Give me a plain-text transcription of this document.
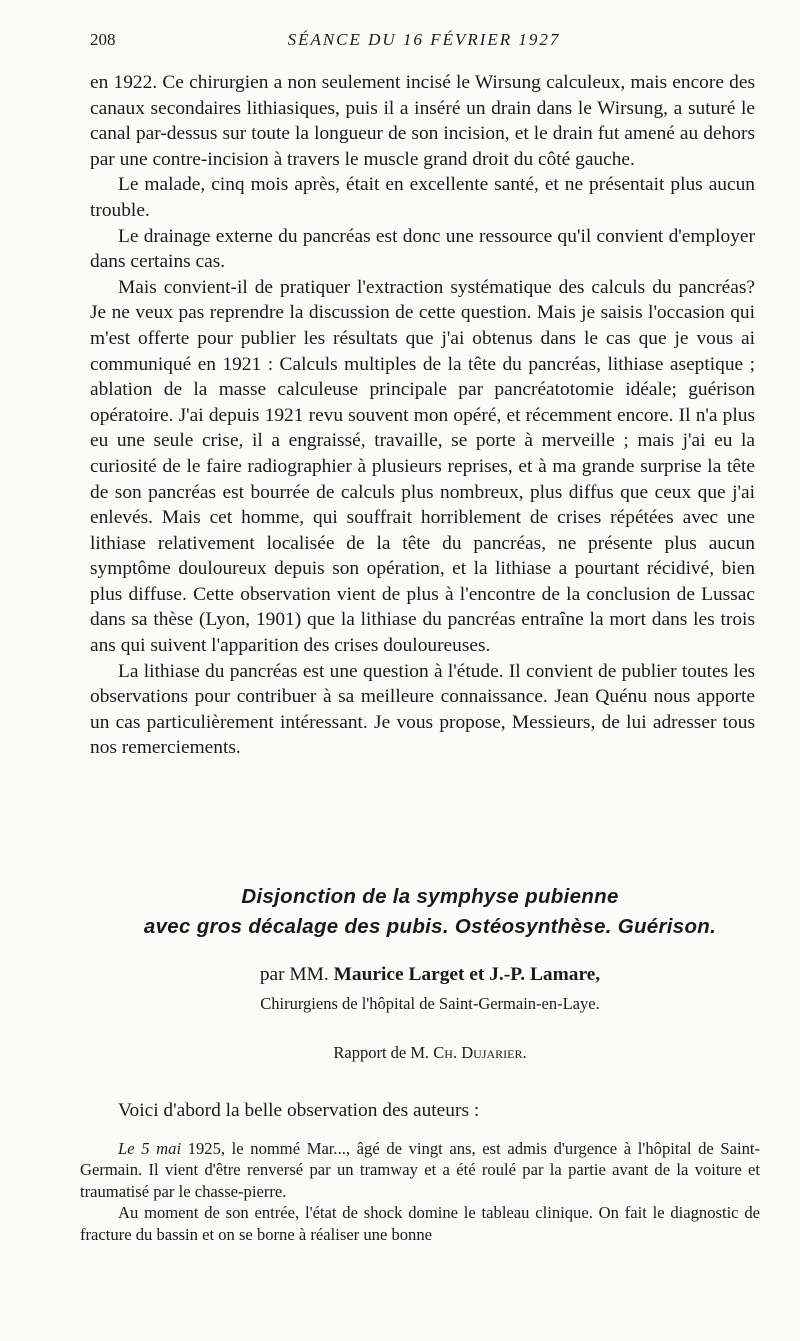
208	SÉANCE DU 16 FÉVRIER 1927

en 1922. Ce chirurgien a non seulement incisé le Wirsung calculeux, mais encore des canaux secondaires lithiasiques, puis il a inséré un drain dans le Wirsung, a suturé le canal par-dessus sur toute la longueur de son incision, et le drain fut amené au dehors par une contre-incision à travers le muscle grand droit du côté gauche.

Le malade, cinq mois après, était en excellente santé, et ne présentait plus aucun trouble.

Le drainage externe du pancréas est donc une ressource qu'il convient d'employer dans certains cas.

Mais convient-il de pratiquer l'extraction systématique des calculs du pancréas? Je ne veux pas reprendre la discussion de cette question. Mais je saisis l'occasion qui m'est offerte pour publier les résultats que j'ai obtenus dans le cas que je vous ai communiqué en 1921 : Calculs multiples de la tête du pancréas, lithiase aseptique ; ablation de la masse calculeuse principale par pancréatotomie idéale; guérison opératoire. J'ai depuis 1921 revu souvent mon opéré, et récemment encore. Il n'a plus eu une seule crise, il a engraissé, travaille, se porte à merveille ; mais j'ai eu la curiosité de le faire radiographier à plusieurs reprises, et à ma grande surprise la tête de son pancréas est bourrée de calculs plus nombreux, plus diffus que ceux que j'ai enlevés. Mais cet homme, qui souffrait horriblement de crises répétées avec une lithiase relativement localisée de la tête du pancréas, ne présente plus aucun symptôme douloureux depuis son opération, et la lithiase a pourtant récidivé, bien plus diffuse. Cette observation vient de plus à l'encontre de la conclusion de Lussac dans sa thèse (Lyon, 1901) que la lithiase du pancréas entraîne la mort dans les trois ans qui suivent l'apparition des crises douloureuses.

La lithiase du pancréas est une question à l'étude. Il convient de publier toutes les observations pour contribuer à sa meilleure connaissance. Jean Quénu nous apporte un cas particulièrement intéressant. Je vous propose, Messieurs, de lui adresser tous nos remerciements.

Disjonction de la symphyse pubienne
avec gros décalage des pubis. Ostéosynthèse. Guérison.
par MM. Maurice Larget et J.-P. Lamare,
Chirurgiens de l'hôpital de Saint-Germain-en-Laye.
Rapport de M. Ch. Dujarier.
Voici d'abord la belle observation des auteurs :

Le 5 mai 1925, le nommé Mar..., âgé de vingt ans, est admis d'urgence à l'hôpital de Saint-Germain. Il vient d'être renversé par un tramway et a été roulé par la partie avant de la voiture et traumatisé par le chasse-pierre.

Au moment de son entrée, l'état de shock domine le tableau clinique. On fait le diagnostic de fracture du bassin et on se borne à réaliser une bonne
